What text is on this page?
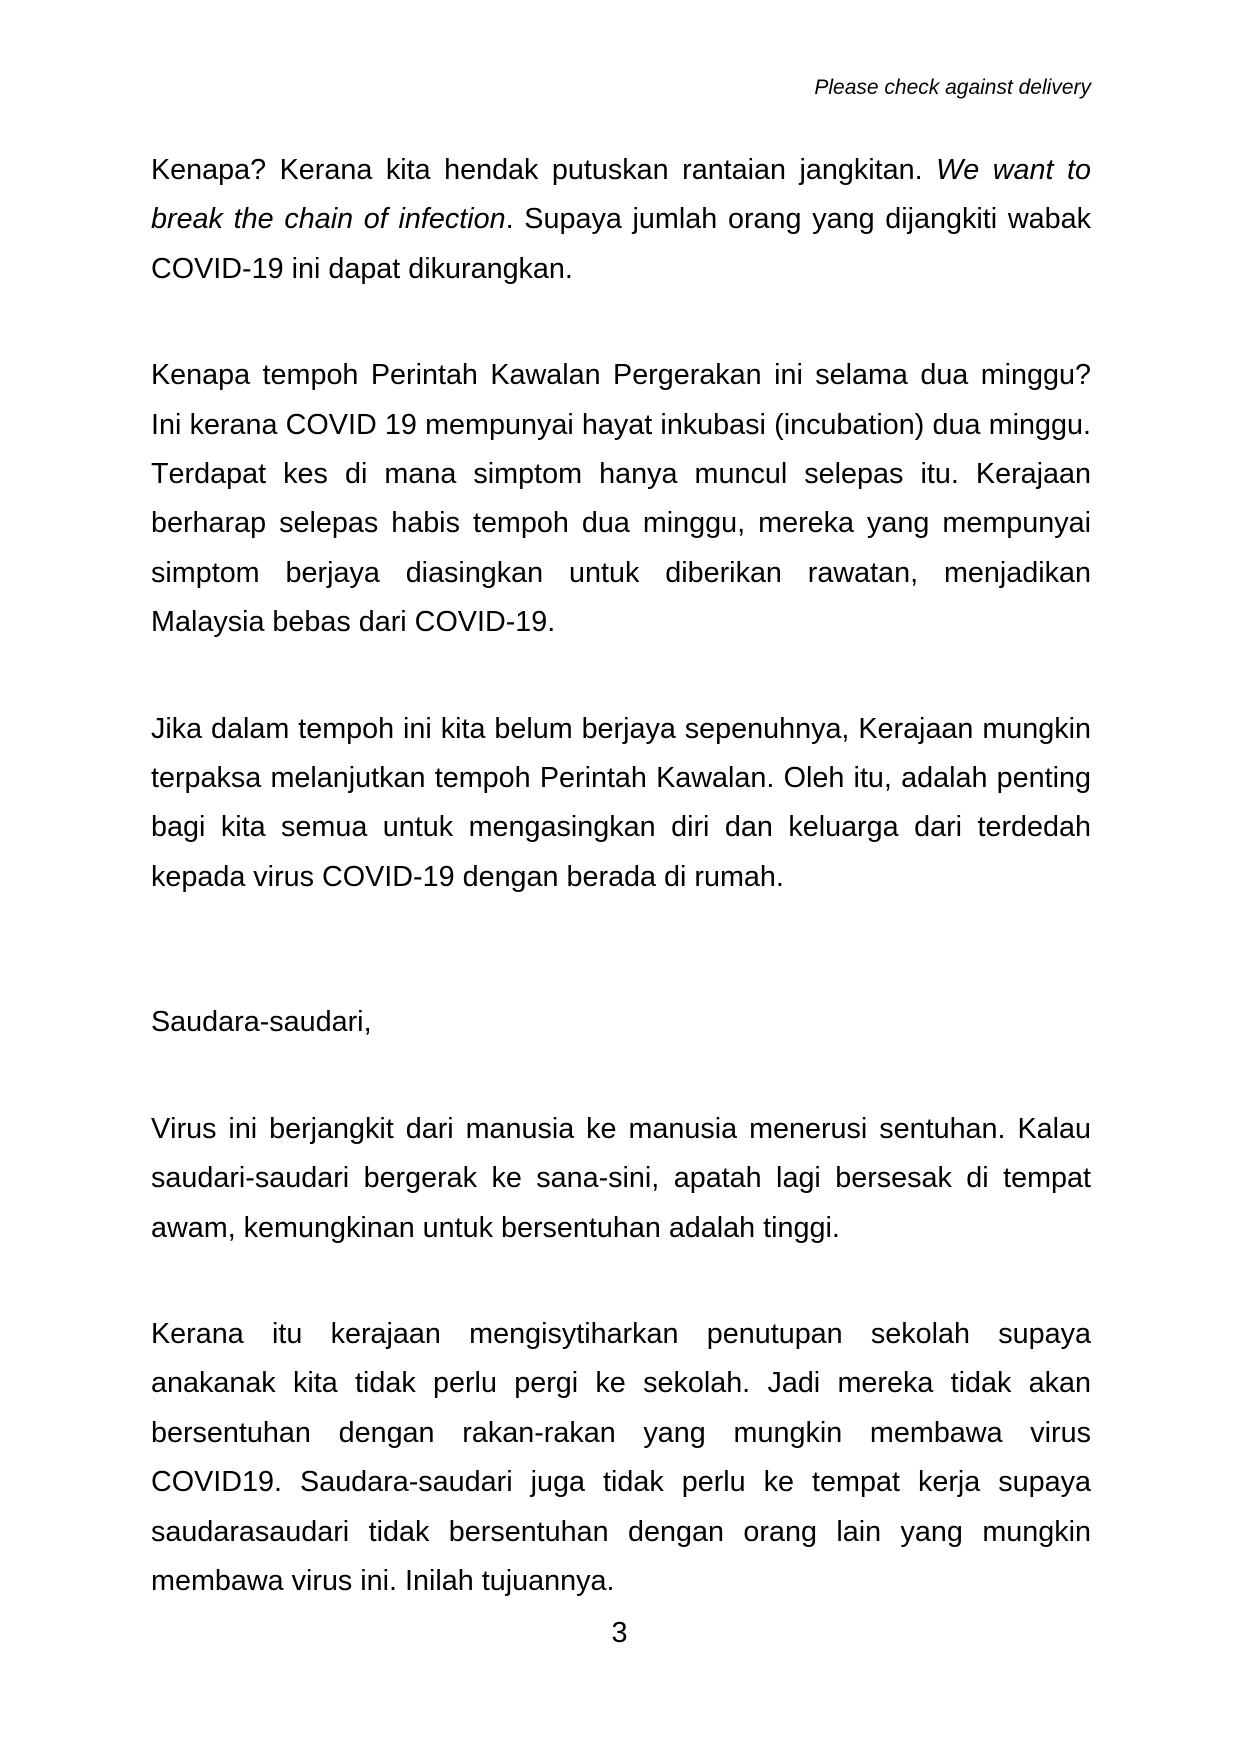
Please check against delivery

Kenapa? Kerana kita hendak putuskan rantaian jangkitan. We want to break the chain of infection. Supaya jumlah orang yang dijangkiti wabak COVID-19 ini dapat dikurangkan.

Kenapa tempoh Perintah Kawalan Pergerakan ini selama dua minggu? Ini kerana COVID 19 mempunyai hayat inkubasi (incubation) dua minggu. Terdapat kes di mana simptom hanya muncul selepas itu. Kerajaan berharap selepas habis tempoh dua minggu, mereka yang mempunyai simptom berjaya diasingkan untuk diberikan rawatan, menjadikan Malaysia bebas dari COVID-19.

Jika dalam tempoh ini kita belum berjaya sepenuhnya, Kerajaan mungkin terpaksa melanjutkan tempoh Perintah Kawalan. Oleh itu, adalah penting bagi kita semua untuk mengasingkan diri dan keluarga dari terdedah kepada virus COVID-19 dengan berada di rumah.

Saudara-saudari,

Virus ini berjangkit dari manusia ke manusia menerusi sentuhan. Kalau saudari-saudari bergerak ke sana-sini, apatah lagi bersesak di tempat awam, kemungkinan untuk bersentuhan adalah tinggi.

Kerana itu kerajaan mengisytiharkan penutupan sekolah supaya anakanak kita tidak perlu pergi ke sekolah. Jadi mereka tidak akan bersentuhan dengan rakan-rakan yang mungkin membawa virus COVID19. Saudara-saudari juga tidak perlu ke tempat kerja supaya saudarasaudari tidak bersentuhan dengan orang lain yang mungkin membawa virus ini. Inilah tujuannya.

3
